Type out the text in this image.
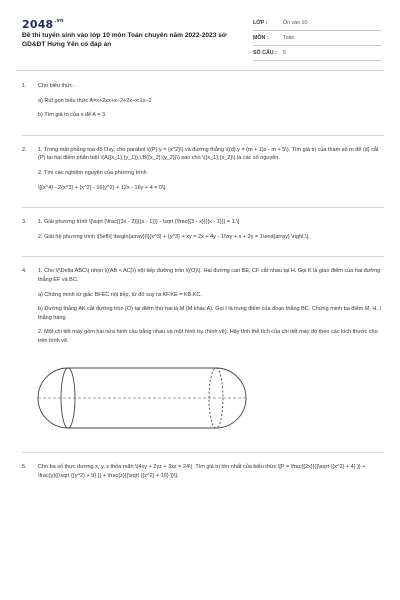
$2048^{.vn}$
Đề thi tuyển sinh vào lớp 10 môn Toán chuyên năm 2022-2023 sở GD&ĐT Hưng Yên có đáp án
LỚP :	Ôn vào 10
MÔN :	Toán
SỐ CÂU :	5
1.	Cho biểu thức .

a) Rút gọn biểu thức A=x+2xx+x−2+2x−x:1x−1

b) Tìm giá trị của x để A = 3.

2.	1. Trong mặt phẳng tọa độ Oxy, cho parabol \((P):y = {x^2}\) và đường thẳng \((d):y = (m + 1)x - m + 5\). Tìm giá trị của tham số m để (d) cắt (P) tại hai điểm phân biệt \(A({x_1};{y_1}),\,B({x_2};{y_2})\) sao cho \({x_1};{x_2}\) là các số nguyên.

2. Tìm các nghiệm nguyên của phương trình

\[{x^4} - 2{x^3} + {x^2} - 16{y^2} + 12x - 16y + 4 = 0\].

3.	1. Giải phương trình \[\sqrt {\frac{{3x - 2}}{{x - 1}}} - \sqrt {\frac{{3 - x}}{{x - 1}}} = 1.\]

2. Giải hệ phương trình \[\left\{ \begin{array}{l}{x^3} + {y^3} + xy = 2x + 4y - 1\\xy + x + 2y = 1\end{array} \right.\].

4.	1. Cho \(\Delta ABC\) nhọn \((AB < AC)\) nội tiếp đường tròn \((O)\). Hai đường cao BE, CF cắt nhau tại H. Gọi K là giao điểm của hai đường thẳng EF và BC.

a) Chứng minh tứ giác BFEC nội tiếp, từ đó suy ra KF.KE = KB.KC.

b) Đường thẳng AK cắt đường tròn (O) tại điểm thứ hai là M (M khác A). Gọi I là trung điểm của đoạn thẳng BC. Chứng minh ba điểm M, H, I thẳng hàng.

2. Một chi tiết máy gồm hai nửa hình cầu bằng nhau và một hình trụ (hình vẽ). Hãy tính thể tích của chi tiết máy đó theo các kích thước cho trên hình vẽ.

5.	Cho ba số thực dương x, y, z thỏa mãn \(4xy + 2yz + 3xz = 24\). Tìm giá trị lớn nhất của biểu thức \[P = \frac{{2x}}{{\sqrt {{x^2} + 4} }} + \frac{y}{{\sqrt {{y^2} + 9} }} + \frac{z}{{\sqrt {{z^2} + 16} }}\].
